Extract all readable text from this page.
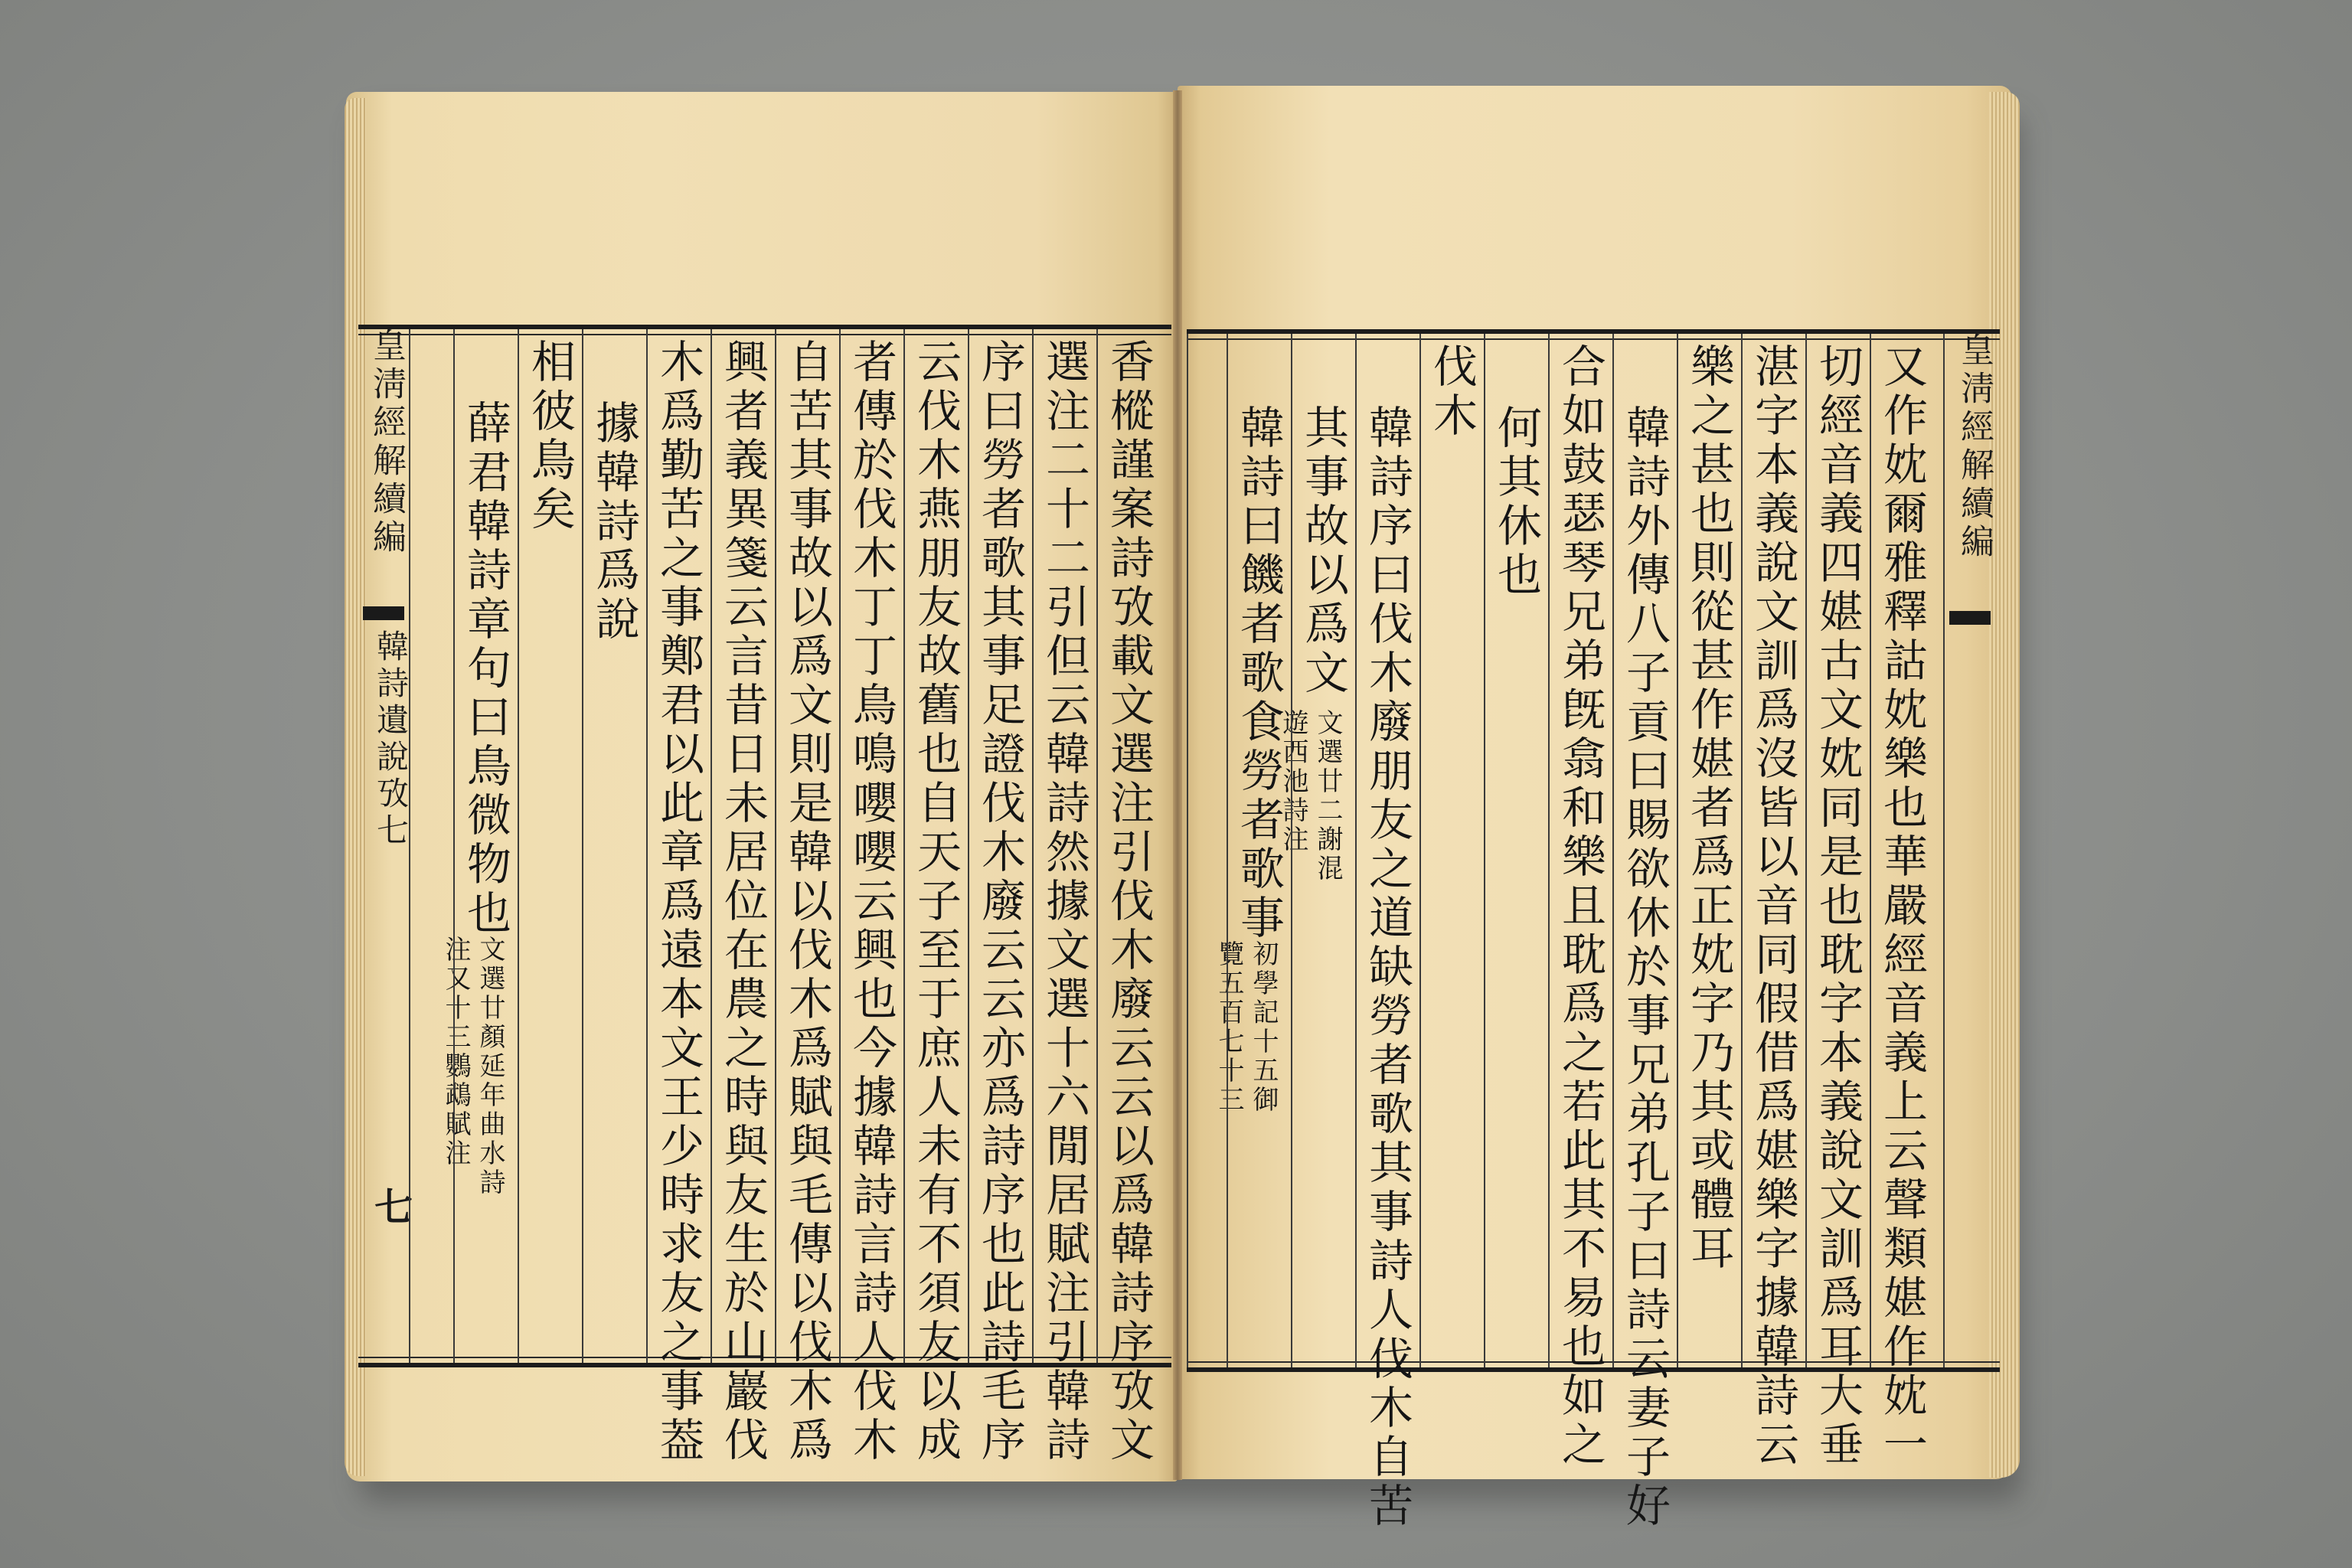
皇淸經解續編
韓詩遺說攷七
七	香樅謹案詩攷載文選注引伐木廢云云以爲韓詩序攷文
選注二十二引但云韓詩然據文選十六閒居賦注引韓詩
序曰勞者歌其事足證伐木廢云云亦爲詩序也此詩毛序
云伐木燕朋友故舊也自天子至于庶人未有不須友以成
者傳於伐木丁丁鳥鳴嚶嚶云興也今據韓詩言詩人伐木
自苦其事故以爲文則是韓以伐木爲賦與毛傳以伐木爲
興者義異箋云言昔日未居位在農之時與友生於山巖伐
木爲勤苦之事鄭君以此章爲遠本文王少時求友之事葢
據韓詩爲說
相彼鳥矣
薛君韓詩章句曰鳥微物也
文選廿顏延年曲水詩
注又十三鸚鵡賦注

皇淸經解續編
又作妉爾雅釋詁妉樂也華嚴經音義上云聲類媅作妉一
切經音義四媅古文妉同是也耽字本義說文訓爲耳大垂
湛字本義說文訓爲沒皆以音同假借爲媅樂字據韓詩云
樂之甚也則從甚作媅者爲正妉字乃其或體耳
韓詩外傳八子貢曰賜欲休於事兄弟孔子曰詩云妻子好
合如鼓瑟琴兄弟旣翕和樂且耽爲之若此其不易也如之
何其休也
伐木
韓詩序曰伐木廢朋友之道缺勞者歌其事詩人伐木自苦
其事故以爲文
文選廿二謝混
遊西池詩注
韓詩曰饑者歌食勞者歌事
初學記十五御
覽五百七十三
